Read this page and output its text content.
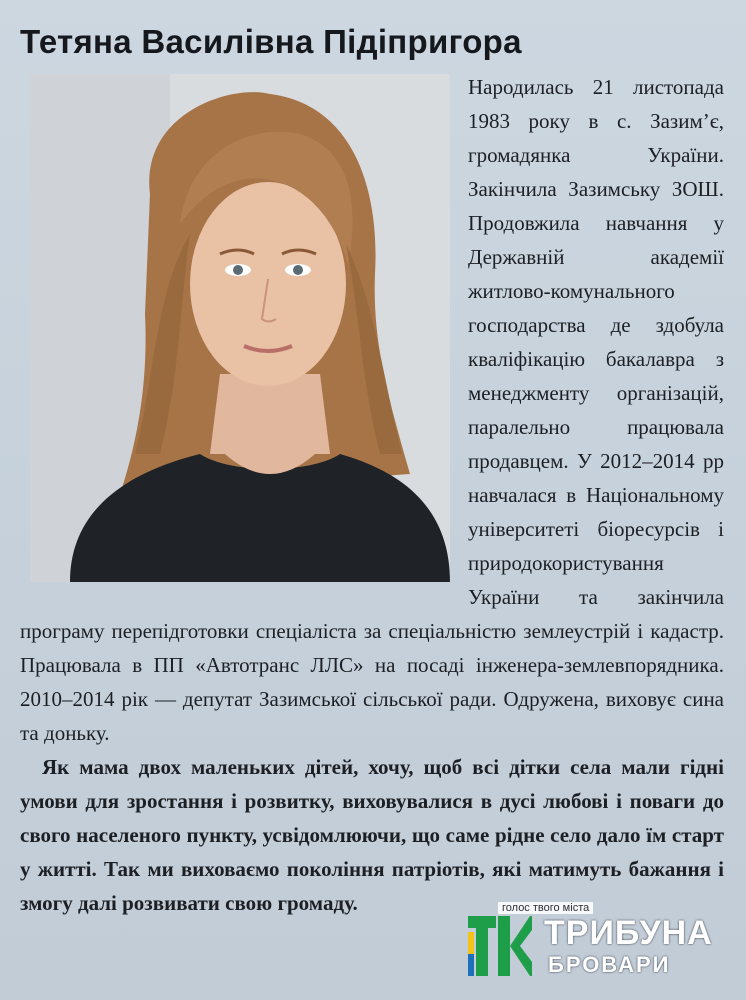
Тетяна Василівна Підіпригора

Народилась 21 листопада 1983 року в с. Зазим’є, громадянка України. Закінчила Зазимську ЗОШ. Продовжила навчання у Державній академії житлово-комунального господарства де здобула кваліфікацію бакалавра з менеджменту організацій, паралельно працювала продавцем. У 2012–2014 рр навчалася в Національному університеті біоресурсів і природокористування України та закінчила програму перепідготовки спеціаліста за спеціальністю землеустрій і кадастр. Працювала в ПП «Автотранс ЛЛС» на посаді інженера-землевпорядника. 2010–2014 рік — депутат Зазимської сільської ради. Одружена, виховує сина та доньку.

Як мама двох маленьких дітей, хочу, щоб всі дітки села мали гідні умови для зростання і розвитку, виховувалися в дусі любові і поваги до свого населеного пункту, усвідомлюючи, що саме рідне село дало їм старт у житті. Так ми виховаємо покоління патріотів, які матимуть бажання і змогу далі розвивати свою громаду.	голос твого міста
ТРИБУНА
БРОВАРИ
